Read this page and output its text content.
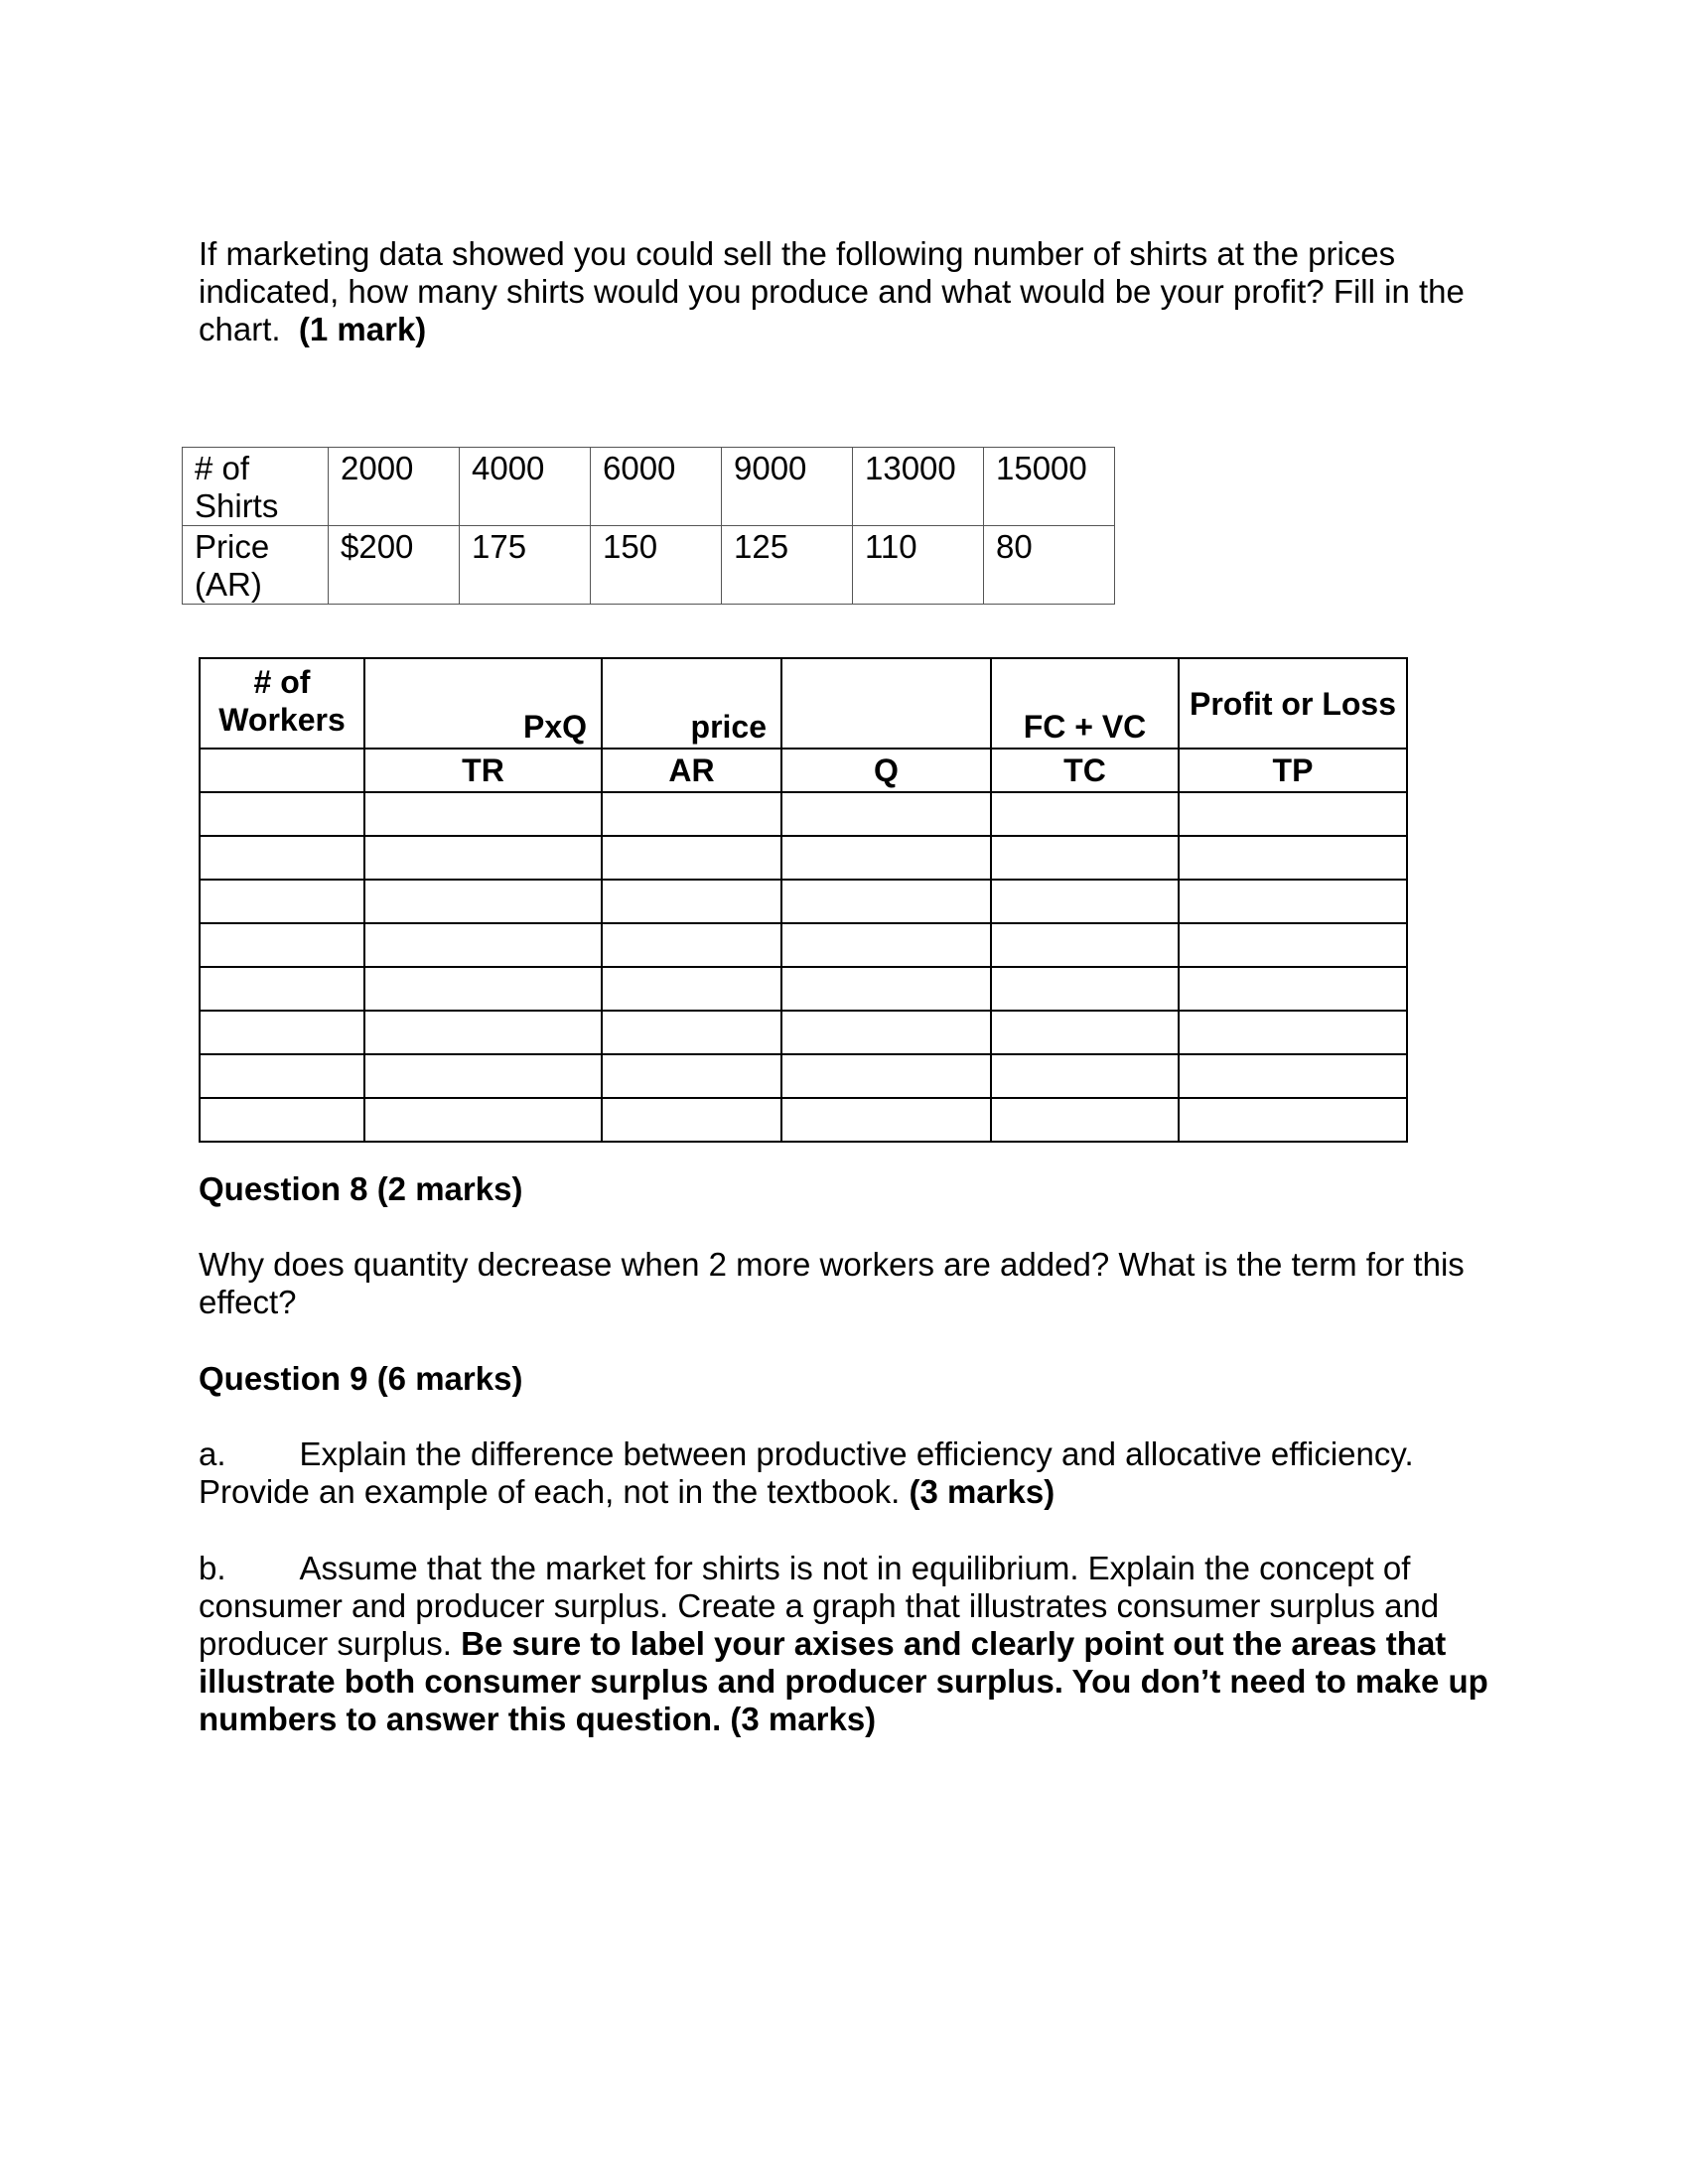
If marketing data showed you could sell the following number of shirts at the prices indicated, how many shirts would you produce and what would be your profit? Fill in the chart. (1 mark)

# of Shirts	2000	4000	6000	9000	13000	15000
Price (AR)	$200	175	150	125	110	80
# of Workers	PxQ	price		FC + VC	Profit or Loss
	TR	AR	Q	TC	TP

Question 8 (2 marks)

Why does quantity decrease when 2 more workers are added? What is the term for this effect?

Question 9 (6 marks)

a. Explain the difference between productive efficiency and allocative efficiency. Provide an example of each, not in the textbook. (3 marks)

b. Assume that the market for shirts is not in equilibrium. Explain the concept of consumer and producer surplus. Create a graph that illustrates consumer surplus and producer surplus. Be sure to label your axises and clearly point out the areas that illustrate both consumer surplus and producer surplus. You don’t need to make up numbers to answer this question. (3 marks)
